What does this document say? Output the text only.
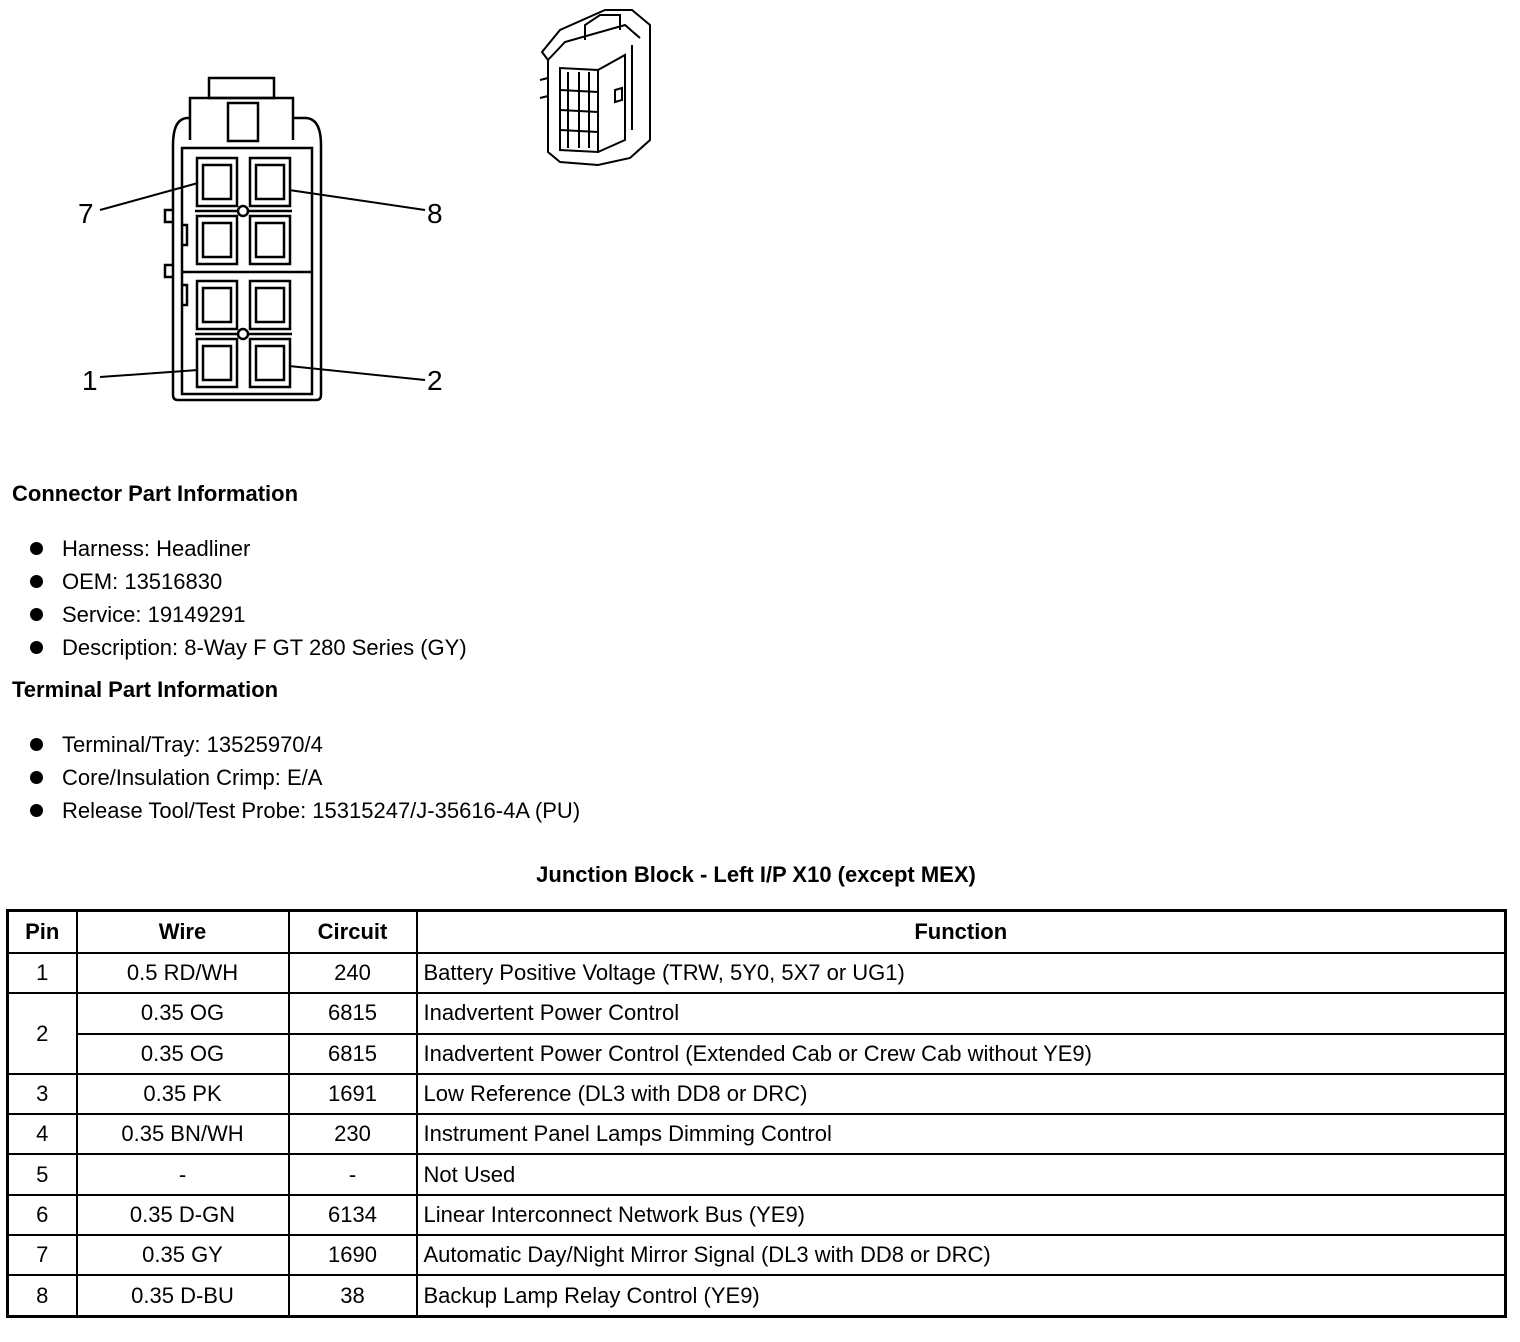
7	8
1	2
Connector Part Information
Harness: Headliner
OEM: 13516830
Service: 19149291
Description: 8-Way F GT 280 Series (GY)
Terminal Part Information
Terminal/Tray: 13525970/4
Core/Insulation Crimp: E/A
Release Tool/Test Probe: 15315247/J-35616-4A (PU)
Junction Block - Left I/P X10 (except MEX)
Pin	Wire	Circuit	Function
1	0.5 RD/WH	240	Battery Positive Voltage (TRW, 5Y0, 5X7 or UG1)
2	0.35 OG	6815	Inadvertent Power Control
	0.35 OG	6815	Inadvertent Power Control (Extended Cab or Crew Cab without YE9)
3	0.35 PK	1691	Low Reference (DL3 with DD8 or DRC)
4	0.35 BN/WH	230	Instrument Panel Lamps Dimming Control
5	-	-	Not Used
6	0.35 D-GN	6134	Linear Interconnect Network Bus (YE9)
7	0.35 GY	1690	Automatic Day/Night Mirror Signal (DL3 with DD8 or DRC)
8	0.35 D-BU	38	Backup Lamp Relay Control (YE9)
